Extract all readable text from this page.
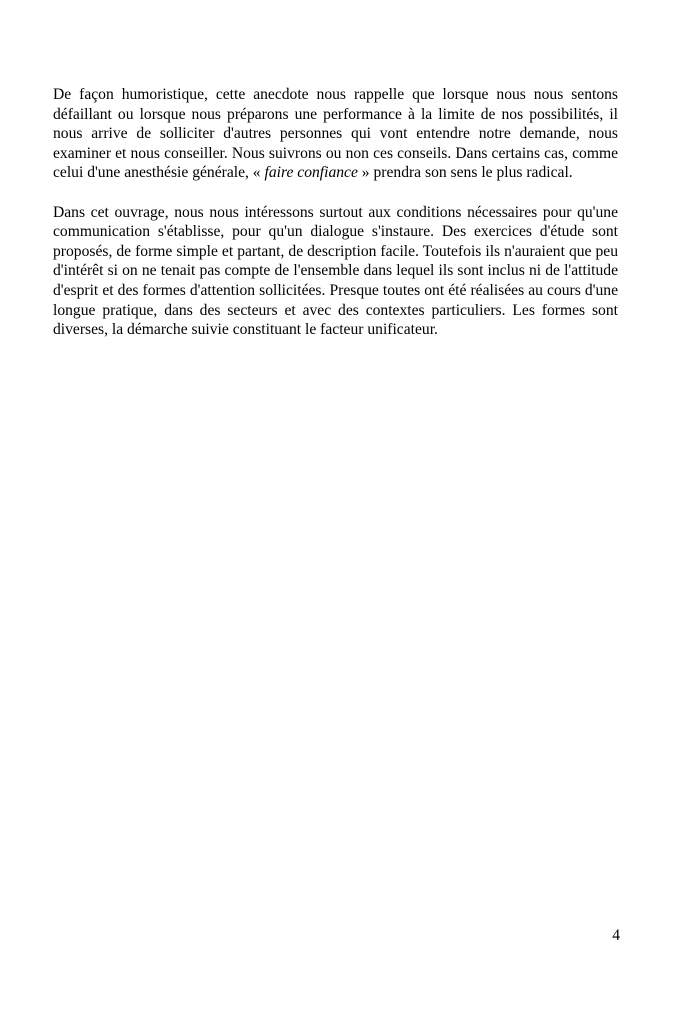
De façon humoristique, cette anecdote nous rappelle que lorsque nous nous sentons défaillant ou lorsque nous préparons une performance à la limite de nos possibilités, il nous arrive de solliciter d'autres personnes qui vont entendre notre demande, nous examiner et nous conseiller. Nous suivrons ou non ces conseils. Dans certains cas, comme celui d'une anesthésie générale, « faire confiance » prendra son sens le plus radical.

Dans cet ouvrage, nous nous intéressons surtout aux conditions nécessaires pour qu'une communication s'établisse, pour qu'un dialogue s'instaure. Des exercices d'étude sont proposés, de forme simple et partant, de description facile. Toutefois ils n'auraient que peu d'intérêt si on ne tenait pas compte de l'ensemble dans lequel ils sont inclus ni de l'attitude d'esprit et des formes d'attention sollicitées. Presque toutes ont été réalisées au cours d'une longue pratique, dans des secteurs et avec des contextes particuliers. Les formes sont diverses, la démarche suivie constituant le facteur unificateur.

4
